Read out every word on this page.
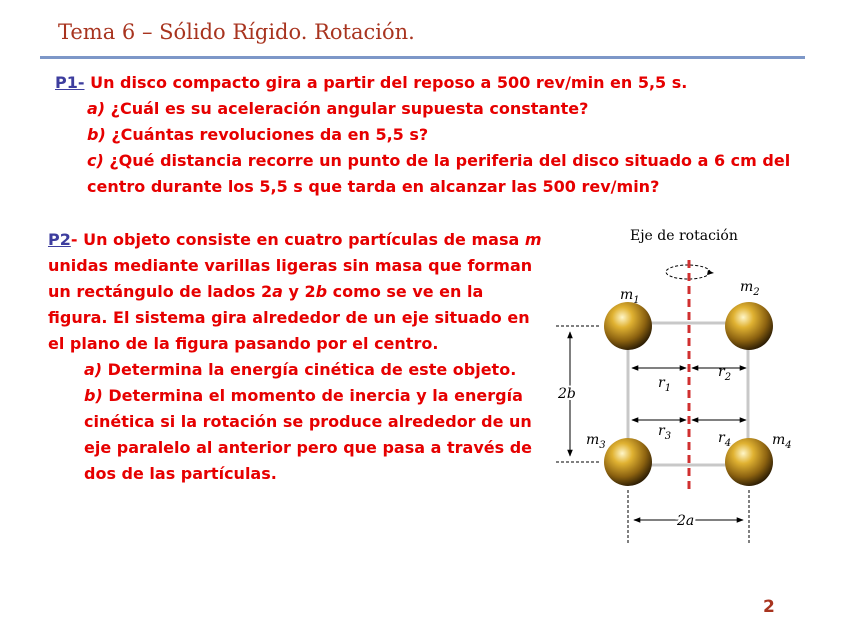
Tema 6 – Sólido Rígido. Rotación.
P1- Un disco compacto gira a partir del reposo a 500 rev/min en 5,5 s.
a) ¿Cuál es su aceleración angular supuesta constante?
b) ¿Cuántas revoluciones da en 5,5 s?
c) ¿Qué distancia recorre un punto de la periferia del disco situado a 6 cm del centro durante los 5,5 s que tarda en alcanzar las 500 rev/min?
P2- Un objeto consiste en cuatro partículas de masa m unidas mediante varillas ligeras sin masa que forman un rectángulo de lados 2a y 2b como se ve en la figura. El sistema gira alrededor de un eje situado en el plano de la figura pasando por el centro.
a) Determina la energía cinética de este objeto.
b) Determina el momento de inercia y la energía cinética si la rotación se produce alrededor de un eje paralelo al anterior pero que pasa a través de dos de las partículas.
Eje de rotación
$m_1$
$m_2$
$m_3$	$m_4$
$r_1$
$r_2$
$r_3$	$r_4$
2b
2a
2
